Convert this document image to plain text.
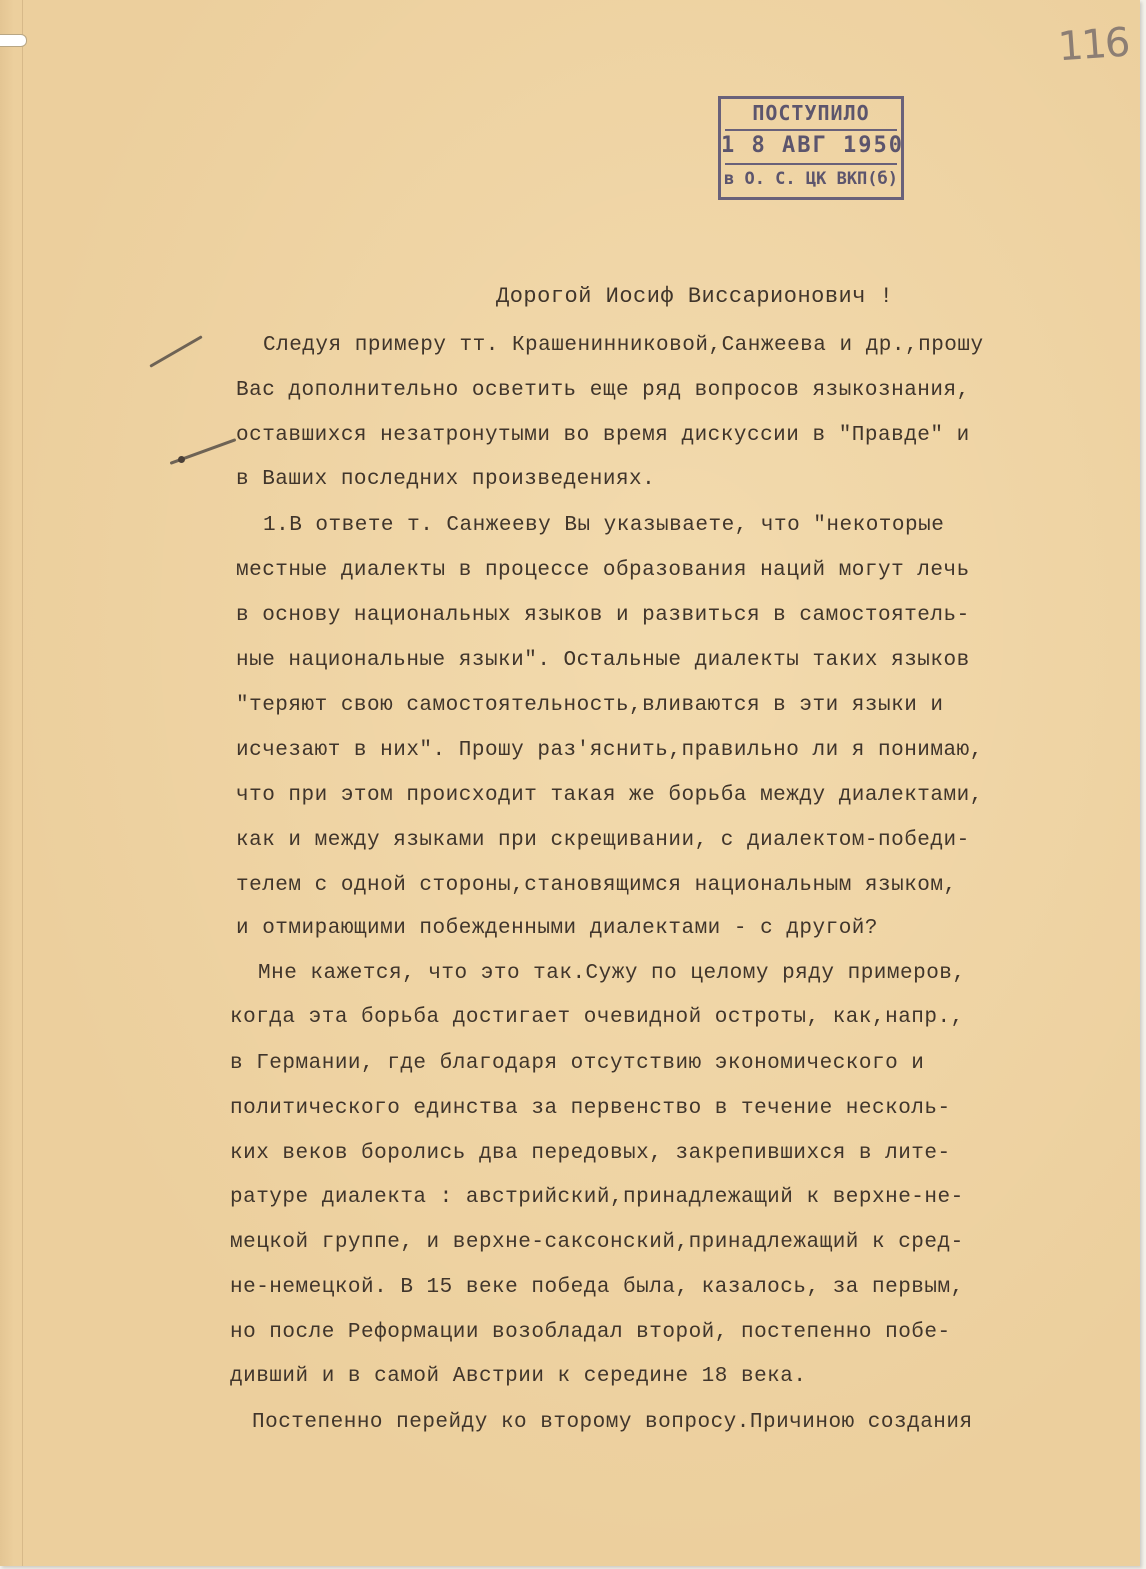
116
ПОСТУПИЛО
1 8 АВГ 1950
в О. С. ЦК ВКП(б)

Дорогой Иосиф Виссарионович !

Следуя примеру тт. Крашенинниковой,Санжеева и др.,прошу

Вас дополнительно осветить еще ряд вопросов языкознания,

оставшихся незатронутыми во время дискуссии в "Правде" и

в Ваших последних произведениях.

1.В ответе т. Санжееву Вы указываете, что "некоторые

местные диалекты в процессе образования наций могут лечь

в основу национальных языков и развиться в самостоятель-

ные национальные языки". Остальные диалекты таких языков

"теряют свою самостоятельность,вливаются в эти языки и

исчезают в них". Прошу раз'яснить,правильно ли я понимаю,

что при этом происходит такая же борьба между диалектами,

как и между языками при скрещивании, с диалектом-победи-

телем с одной стороны,становящимся национальным языком,

и отмирающими побежденными диалектами - с другой?

Мне кажется, что это так.Сужу по целому ряду примеров,

когда эта борьба достигает очевидной остроты, как,напр.,

в Германии, где благодаря отсутствию экономического и

политического единства за первенство в течение несколь-

ких веков боролись два передовых, закрепившихся в лите-

ратуре диалекта : австрийский,принадлежащий к верхне-не-

мецкой группе, и верхне-саксонский,принадлежащий к сред-

не-немецкой. В 15 веке победа была, казалось, за первым,

но после Реформации возобладал второй, постепенно побе-

дивший и в самой Австрии к середине 18 века.

Постепенно перейду ко второму вопросу.Причиною создания
